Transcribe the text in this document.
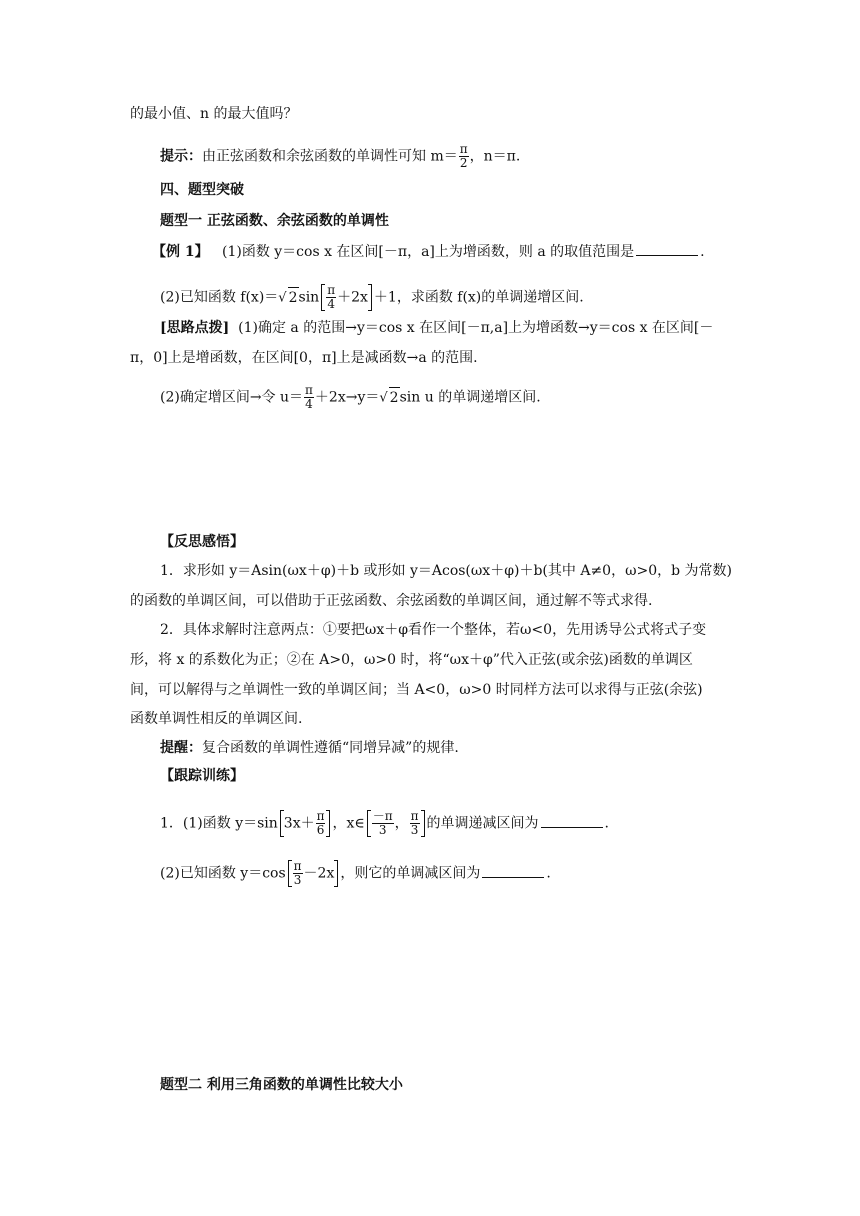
的最小值、n 的最大值吗？
提示：由正弦函数和余弦函数的单调性可知 $m= \frac{\pi}{2}$ ，n＝π.
四、题型突破
题型一 正弦函数、余弦函数的单调性
【例 1】 (1)函数 y＝cos x 在区间[－π，a]上为增函数，则 a 的取值范围是	.
(2)已知函数 f(x)＝√ $2\sin \frac{\pi}{4} +2x +1$，求函数 f(x)的单调递增区间.
[思路点拨] (1)确定 a 的范围→y＝cos x 在区间[－π,a]上为增函数→y＝cos x 在区间[－
π，0]上是增函数，在区间[0，π]上是减函数→a 的范围.
(2)确定增区间→令 $u= \frac{\pi}{4} +2x\to y=√$ 2sin u 的单调递增区间.
【反思感悟】
1．求形如 y＝Asin(ωx＋φ)＋b 或形如 y＝Acos(ωx＋φ)＋b(其中 A≠0，ω>0，b 为常数)
的函数的单调区间，可以借助于正弦函数、余弦函数的单调区间，通过解不等式求得.
2．具体求解时注意两点：①要把ωx＋φ看作一个整体，若ω<0，先用诱导公式将式子变
形，将 x 的系数化为正；②在 A>0，ω>0 时，将“ωx＋φ”代入正弦(或余弦)函数的单调区
间，可以解得与之单调性一致的单调区间；当 A<0，ω>0 时同样方法可以求得与正弦(余弦)
函数单调性相反的单调区间.
提醒：复合函数的单调性遵循“同增异减”的规律.
【跟踪训练】
1．(1)函数 y＝sin $3x+ \frac{\pi}{6}$ ，x∈ $\frac{-\pi}{3}$ ， $\frac{\pi}{3}$ 的单调递减区间为	.
(2)已知函数 $y=\cos \frac{\pi}{3} -2x$ ，则它的单调减区间为	.
题型二 利用三角函数的单调性比较大小
